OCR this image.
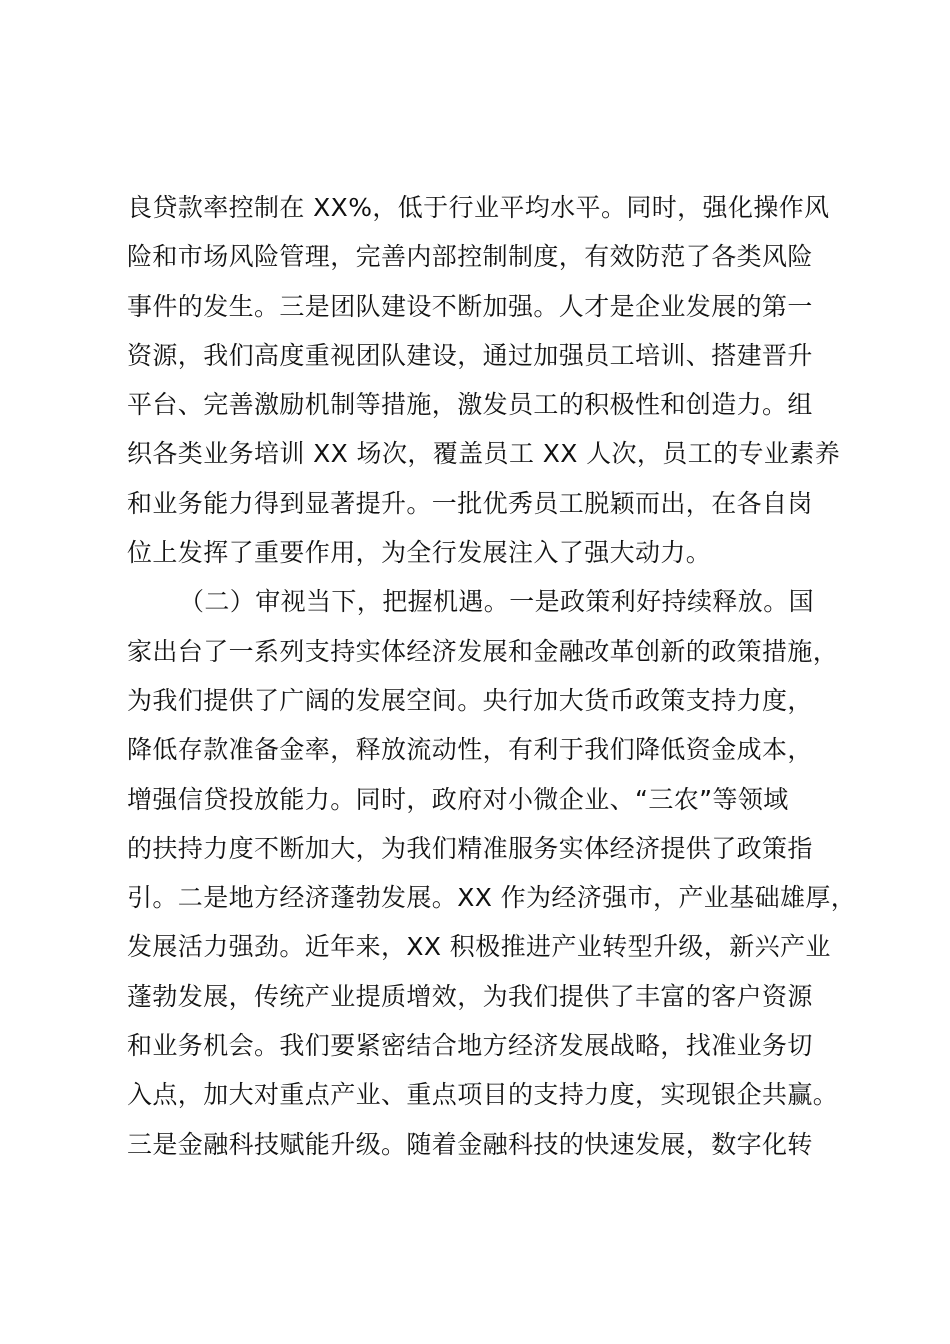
良贷款率控制在 XX%，低于行业平均水平。同时，强化操作风
险和市场风险管理，完善内部控制制度，有效防范了各类风险
事件的发生。三是团队建设不断加强。人才是企业发展的第一
资源，我们高度重视团队建设，通过加强员工培训、搭建晋升
平台、完善激励机制等措施，激发员工的积极性和创造力。组
织各类业务培训 XX 场次，覆盖员工 XX 人次，员工的专业素养
和业务能力得到显著提升。一批优秀员工脱颖而出，在各自岗
位上发挥了重要作用，为全行发展注入了强大动力。
（二）审视当下，把握机遇。一是政策利好持续释放。国
家出台了一系列支持实体经济发展和金融改革创新的政策措施，
为我们提供了广阔的发展空间。央行加大货币政策支持力度，
降低存款准备金率，释放流动性，有利于我们降低资金成本，
增强信贷投放能力。同时，政府对小微企业、“三农”等领域
的扶持力度不断加大，为我们精准服务实体经济提供了政策指
引。二是地方经济蓬勃发展。XX 作为经济强市，产业基础雄厚，
发展活力强劲。近年来，XX 积极推进产业转型升级，新兴产业
蓬勃发展，传统产业提质增效，为我们提供了丰富的客户资源
和业务机会。我们要紧密结合地方经济发展战略，找准业务切
入点，加大对重点产业、重点项目的支持力度，实现银企共赢。
三是金融科技赋能升级。随着金融科技的快速发展，数字化转
